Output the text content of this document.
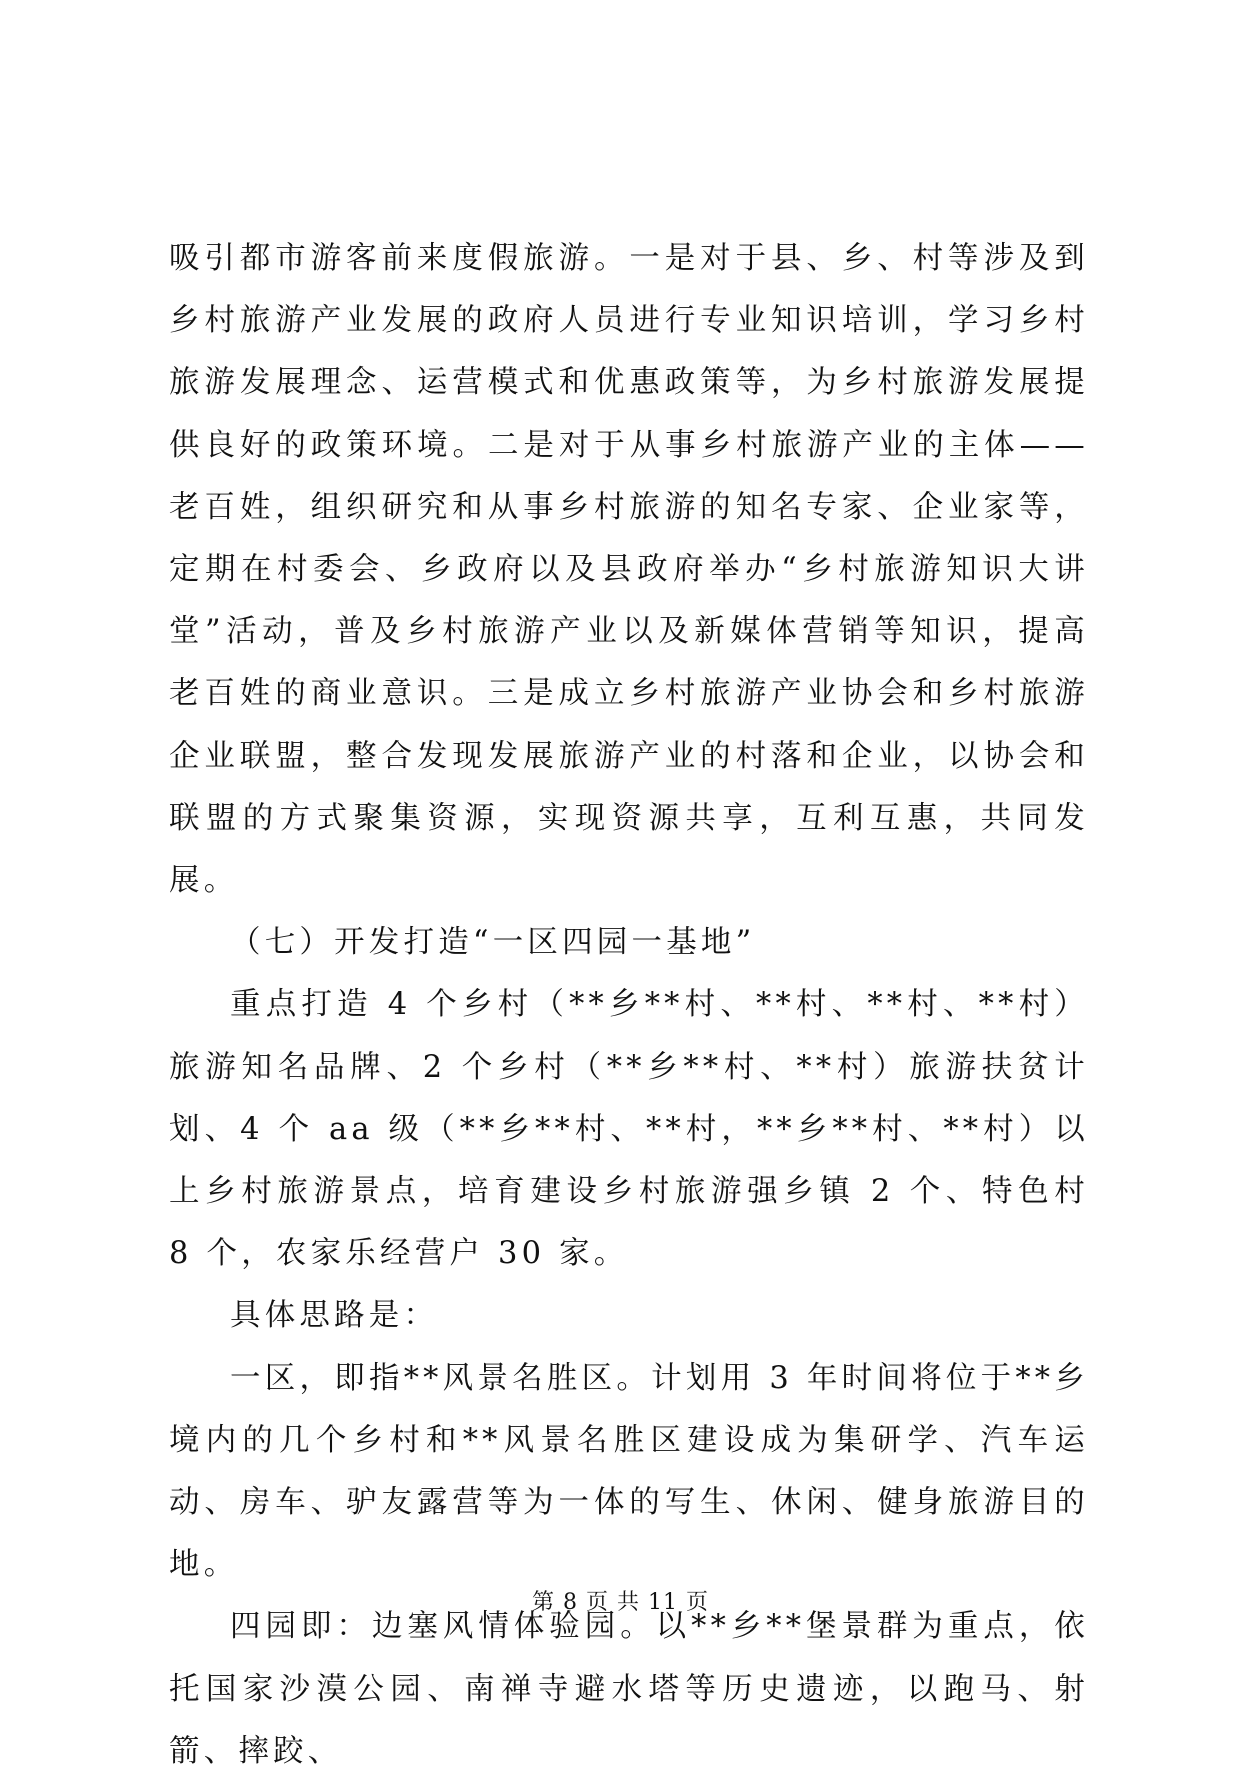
吸引都市游客前来度假旅游。一是对于县、乡、村等涉及到乡村旅游产业发展的政府人员进行专业知识培训，学习乡村旅游发展理念、运营模式和优惠政策等，为乡村旅游发展提供良好的政策环境。二是对于从事乡村旅游产业的主体——老百姓，组织研究和从事乡村旅游的知名专家、企业家等，定期在村委会、乡政府以及县政府举办“乡村旅游知识大讲堂”活动，普及乡村旅游产业以及新媒体营销等知识，提高老百姓的商业意识。三是成立乡村旅游产业协会和乡村旅游企业联盟，整合发现发展旅游产业的村落和企业，以协会和联盟的方式聚集资源，实现资源共享，互利互惠，共同发展。

（七）开发打造“一区四园一基地”

重点打造 4 个乡村（**乡**村、**村、**村、**村）旅游知名品牌、2 个乡村（**乡**村、**村）旅游扶贫计划、4 个 aa 级（**乡**村、**村，**乡**村、**村）以上乡村旅游景点，培育建设乡村旅游强乡镇 2 个、特色村 8 个，农家乐经营户 30 家。

具体思路是：

一区，即指**风景名胜区。计划用 3 年时间将位于**乡境内的几个乡村和**风景名胜区建设成为集研学、汽车运动、房车、驴友露营等为一体的写生、休闲、健身旅游目的地。

四园即：边塞风情体验园。以**乡**堡景群为重点，依托国家沙漠公园、南禅寺避水塔等历史遗迹，以跑马、射箭、摔跤、

第 8 页 共 11 页
